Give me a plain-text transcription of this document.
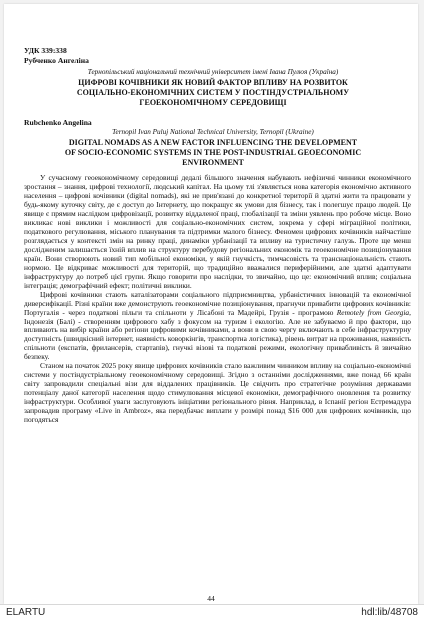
УДК 339:338
Рубченко Ангеліна
Тернопільський національний технічний університет імені Івана Пулюя (Україна)
ЦИФРОВІ КОЧІВНИКИ ЯК НОВИЙ ФАКТОР ВПЛИВУ НА РОЗВИТОК
СОЦІАЛЬНО-ЕКОНОМІЧНИХ СИСТЕМ У ПОСТІНДУСТРІАЛЬНОМУ
ГЕОЕКОНОМІЧНОМУ СЕРЕДОВИЩІ
Rubchenko Angelina
Ternopil Ivan Puluj National Technical University, Ternopil (Ukraine)
DIGITAL NOMADS AS A NEW FACTOR INFLUENCING THE DEVELOPMENT
OF SOCIO-ECONOMIC SYSTEMS IN THE POST-INDUSTRIAL GEOECONOMIC
ENVIRONMENT

У сучасному геоекономічному середовищі дедалі більшого значення набувають нефізичні чинники економічного зростання – знання, цифрові технології, людський капітал. На цьому тлі з'являється нова категорія економічно активного населення – цифрові кочівники (digital nomads), які не прив'язані до конкретної території й здатні жити та працювати у будь-якому куточку світу, де є доступ до Інтернету, що покращує як умови для бізнесу, так і полегшує працю людей. Це явище є прямим наслідком цифровізації, розвитку віддаленої праці, глобалізації та зміни уявлень про робоче місце. Воно викликає нові виклики і можливості для соціально-економічних систем, зокрема у сфері міграційної політики, податкового регулювання, міського планування та підтримки малого бізнесу. Феномен цифрових кочівників найчастіше розглядається у контексті змін на ринку праці, динаміки урбанізації та впливу на туристичну галузь. Проте ще менш дослідженим залишається їхній вплив на структуру перебудову регіональних економік та геоекономічне позиціонування країн. Вони створюють новий тип мобільної економіки, у якій гнучкість, тимчасовість та транснаціональність стають нормою. Це відкриває можливості для територій, що традиційно вважалися периферійними, але здатні адаптувати інфраструктуру до потреб цієї групи. Якщо говорити про наслідки, то звичайно, що це: економічний вплив; соціальна інтеграція; демографічний ефект; політичні виклики.

Цифрові кочівники стають каталізаторами соціального підприємництва, урбаністичних інновацій та економічної диверсифікації. Різні країни вже демонструють геоекономічне позиціонування, прагнучи привабити цифрових кочівників: Португалія - через податкові пільги та спільноти у Лісабоні та Мадейрі, Грузія - програмою Remotely from Georgia, Індонезія (Балі) - створенням цифрового хабу з фокусом на туризм і екологію. Але не забуваємо й про фактори, що впливають на вибір країни або регіони цифровими кочівниками, а вони в свою чергу включають в себе інфраструктурну доступність (швидкісний інтернет, наявність коворкінгів, транспортна логістика), рівень витрат на проживання, наявність спільноти (експатів, фрилансерів, стартапів), гнучкі візові та податкові режими, екологічну привабливість й звичайно безпеку.

Станом на початок 2025 року явище цифрових кочівників стало важливим чинником впливу на соціально-економічні системи у постіндустріальному геоекономічному середовищі. Згідно з останніми дослідженнями, вже понад 66 країн світу запровадили спеціальні візи для віддалених працівників. Це свідчить про стратегічне розуміння державами потенціалу даної категорії населення щодо стимулювання місцевої економіки, демографічного оновлення та розвитку інфраструктури. Особливої уваги заслуговують ініціативи регіонального рівня. Наприклад, в Іспанії регіон Естремадура запровадив програму «Live in Ambroz», яка передбачає виплати у розмірі понад $16 000 для цифрових кочівників, що погодяться

44
ELARTU	hdl:lib/48708
